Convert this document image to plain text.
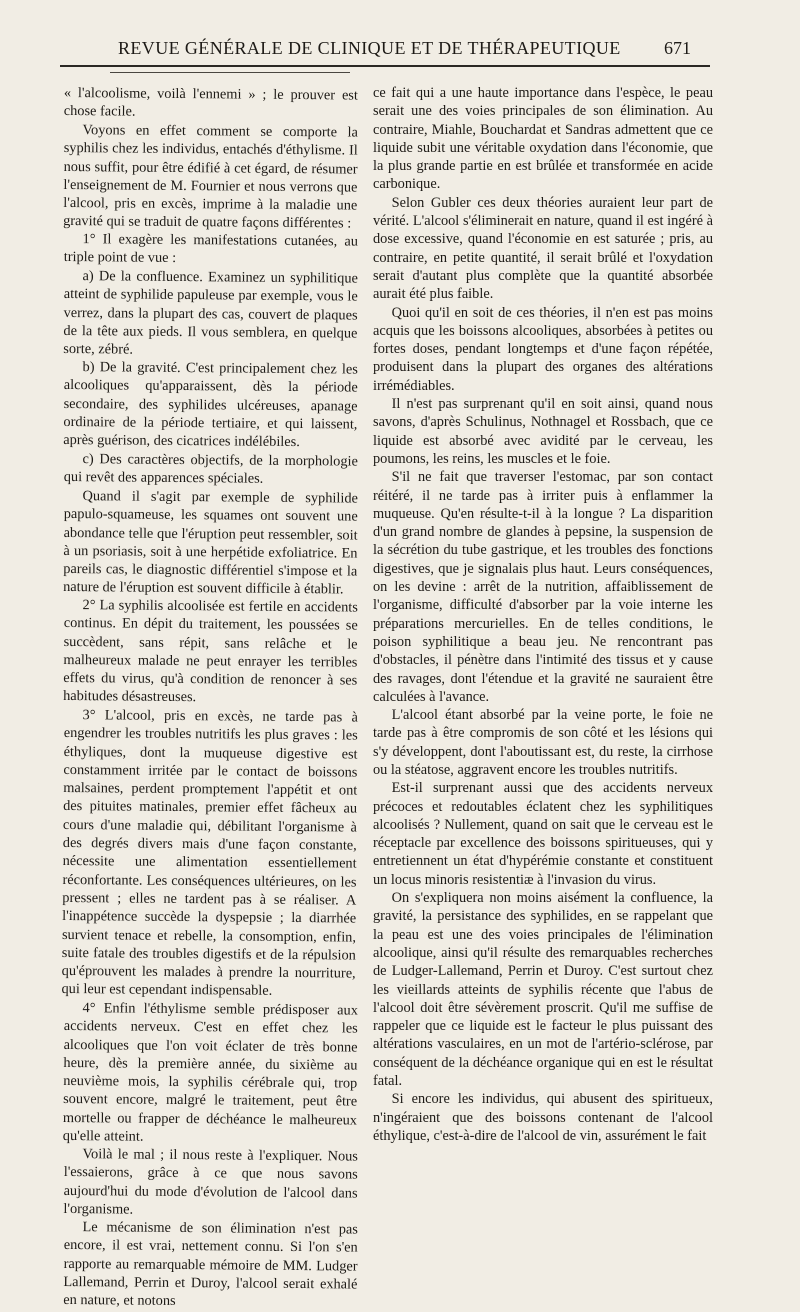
REVUE GÉNÉRALE DE CLINIQUE ET DE THÉRAPEUTIQUE 671

« l'alcoolisme, voilà l'ennemi » ; le prouver est chose facile.

Voyons en effet comment se comporte la syphilis chez les individus, entachés d'éthylisme. Il nous suffit, pour être édifié à cet égard, de résumer l'enseignement de M. Fournier et nous verrons que l'alcool, pris en excès, imprime à la maladie une gravité qui se traduit de quatre façons différentes :

1° Il exagère les manifestations cutanées, au triple point de vue :

a) De la confluence. Examinez un syphilitique atteint de syphilide papuleuse par exemple, vous le verrez, dans la plupart des cas, couvert de plaques de la tête aux pieds. Il vous semblera, en quelque sorte, zébré.

b) De la gravité. C'est principalement chez les alcooliques qu'apparaissent, dès la période secondaire, des syphilides ulcéreuses, apanage ordinaire de la période tertiaire, et qui laissent, après guérison, des cicatrices indélébiles.

c) Des caractères objectifs, de la morphologie qui revêt des apparences spéciales.

Quand il s'agit par exemple de syphilide papulo-squameuse, les squames ont souvent une abondance telle que l'éruption peut ressembler, soit à un psoriasis, soit à une herpétide exfoliatrice. En pareils cas, le diagnostic différentiel s'impose et la nature de l'éruption est souvent difficile à établir.

2° La syphilis alcoolisée est fertile en accidents continus. En dépit du traitement, les poussées se succèdent, sans répit, sans relâche et le malheureux malade ne peut enrayer les terribles effets du virus, qu'à condition de renoncer à ses habitudes désastreuses.

3° L'alcool, pris en excès, ne tarde pas à engendrer les troubles nutritifs les plus graves : les éthyliques, dont la muqueuse digestive est constamment irritée par le contact de boissons malsaines, perdent promptement l'appétit et ont des pituites matinales, premier effet fâcheux au cours d'une maladie qui, débilitant l'organisme à des degrés divers mais d'une façon constante, nécessite une alimentation essentiellement réconfortante. Les conséquences ultérieures, on les pressent ; elles ne tardent pas à se réaliser. A l'inappétence succède la dyspepsie ; la diarrhée survient tenace et rebelle, la consomption, enfin, suite fatale des troubles digestifs et de la répulsion qu'éprouvent les malades à prendre la nourriture, qui leur est cependant indispensable.

4° Enfin l'éthylisme semble prédisposer aux accidents nerveux. C'est en effet chez les alcooliques que l'on voit éclater de très bonne heure, dès la première année, du sixième au neuvième mois, la syphilis cérébrale qui, trop souvent encore, malgré le traitement, peut être mortelle ou frapper de déchéance le malheureux qu'elle atteint.

Voilà le mal ; il nous reste à l'expliquer. Nous l'essaierons, grâce à ce que nous savons aujourd'hui du mode d'évolution de l'alcool dans l'organisme.

Le mécanisme de son élimination n'est pas encore, il est vrai, nettement connu. Si l'on s'en rapporte au remarquable mémoire de MM. Ludger Lallemand, Perrin et Duroy, l'alcool serait exhalé en nature, et notons

ce fait qui a une haute importance dans l'espèce, le peau serait une des voies principales de son élimination. Au contraire, Miahle, Bouchardat et Sandras admettent que ce liquide subit une véritable oxydation dans l'économie, que la plus grande partie en est brûlée et transformée en acide carbonique.

Selon Gubler ces deux théories auraient leur part de vérité. L'alcool s'éliminerait en nature, quand il est ingéré à dose excessive, quand l'économie en est saturée ; pris, au contraire, en petite quantité, il serait brûlé et l'oxydation serait d'autant plus complète que la quantité absorbée aurait été plus faible.

Quoi qu'il en soit de ces théories, il n'en est pas moins acquis que les boissons alcooliques, absorbées à petites ou fortes doses, pendant longtemps et d'une façon répétée, produisent dans la plupart des organes des altérations irrémédiables.

Il n'est pas surprenant qu'il en soit ainsi, quand nous savons, d'après Schulinus, Nothnagel et Rossbach, que ce liquide est absorbé avec avidité par le cerveau, les poumons, les reins, les muscles et le foie.

S'il ne fait que traverser l'estomac, par son contact réitéré, il ne tarde pas à irriter puis à enflammer la muqueuse. Qu'en résulte-t-il à la longue ? La disparition d'un grand nombre de glandes à pepsine, la suspension de la sécrétion du tube gastrique, et les troubles des fonctions digestives, que je signalais plus haut. Leurs conséquences, on les devine : arrêt de la nutrition, affaiblissement de l'organisme, difficulté d'absorber par la voie interne les préparations mercurielles. En de telles conditions, le poison syphilitique a beau jeu. Ne rencontrant pas d'obstacles, il pénètre dans l'intimité des tissus et y cause des ravages, dont l'étendue et la gravité ne sauraient être calculées à l'avance.

L'alcool étant absorbé par la veine porte, le foie ne tarde pas à être compromis de son côté et les lésions qui s'y développent, dont l'aboutissant est, du reste, la cirrhose ou la stéatose, aggravent encore les troubles nutritifs.

Est-il surprenant aussi que des accidents nerveux précoces et redoutables éclatent chez les syphilitiques alcoolisés ? Nullement, quand on sait que le cerveau est le réceptacle par excellence des boissons spiritueuses, qui y entretiennent un état d'hypérémie constante et constituent un locus minoris resistentiæ à l'invasion du virus.

On s'expliquera non moins aisément la confluence, la gravité, la persistance des syphilides, en se rappelant que la peau est une des voies principales de l'élimination alcoolique, ainsi qu'il résulte des remarquables recherches de Ludger-Lallemand, Perrin et Duroy. C'est surtout chez les vieillards atteints de syphilis récente que l'abus de l'alcool doit être sévèrement proscrit. Qu'il me suffise de rappeler que ce liquide est le facteur le plus puissant des altérations vasculaires, en un mot de l'artério-sclérose, par conséquent de la déchéance organique qui en est le résultat fatal.

Si encore les individus, qui abusent des spiritueux, n'ingéraient que des boissons contenant de l'alcool éthylique, c'est-à-dire de l'alcool de vin, assurément le fait
